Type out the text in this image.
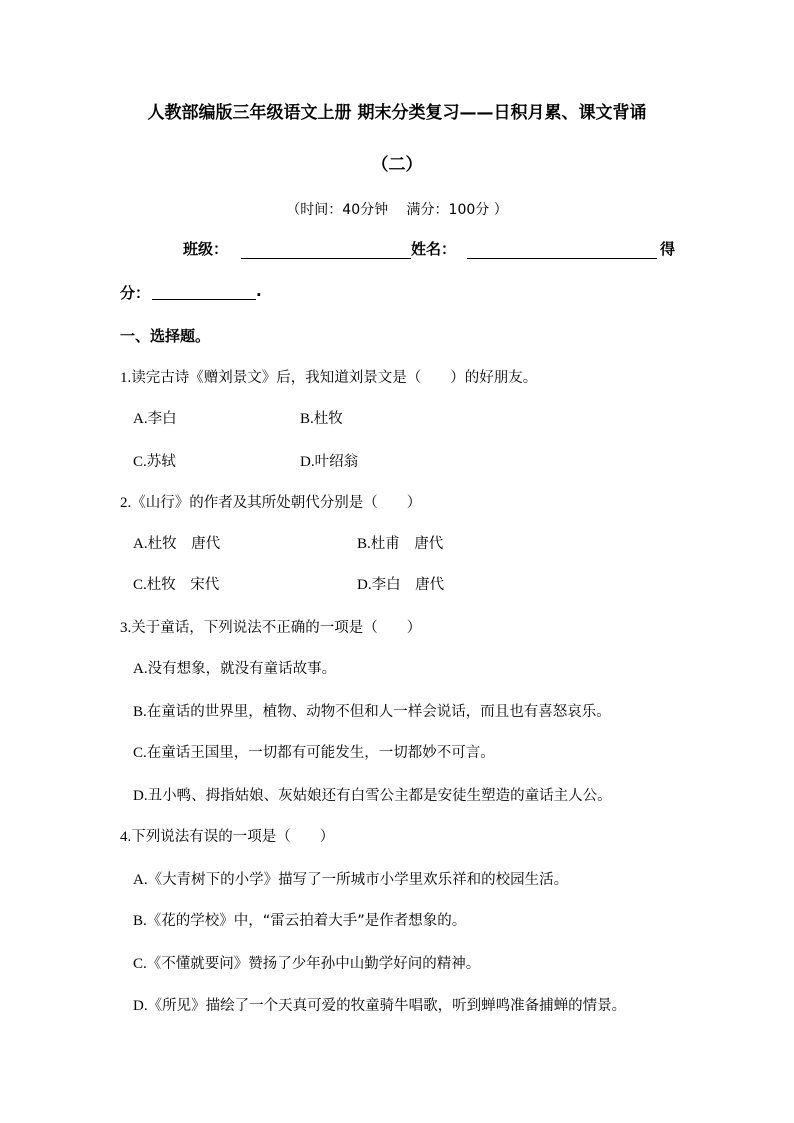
人教部编版三年级语文上册 期末分类复习——日积月累、课文背诵
（二）
（时间：40分钟　 满分：100分 ）
班级：	姓名：	得
分：	.
一、选择题。
1.读完古诗《赠刘景文》后，我知道刘景文是（　　）的好朋友。
A.李白	B.杜牧
C.苏轼	D.叶绍翁
2.《山行》的作者及其所处朝代分别是（　　）
A.杜牧　唐代	B.杜甫　唐代
C.杜牧　宋代	D.李白　唐代
3.关于童话，下列说法不正确的一项是（　　）
A.没有想象，就没有童话故事。
B.在童话的世界里，植物、动物不但和人一样会说话，而且也有喜怒哀乐。
C.在童话王国里，一切都有可能发生，一切都妙不可言。
D.丑小鸭、拇指姑娘、灰姑娘还有白雪公主都是安徒生塑造的童话主人公。
4.下列说法有误的一项是（　　）
A.《大青树下的小学》描写了一所城市小学里欢乐祥和的校园生活。
B.《花的学校》中，“雷云拍着大手”是作者想象的。
C.《不懂就要问》赞扬了少年孙中山勤学好问的精神。
D.《所见》描绘了一个天真可爱的牧童骑牛唱歌，听到蝉鸣准备捕蝉的情景。
